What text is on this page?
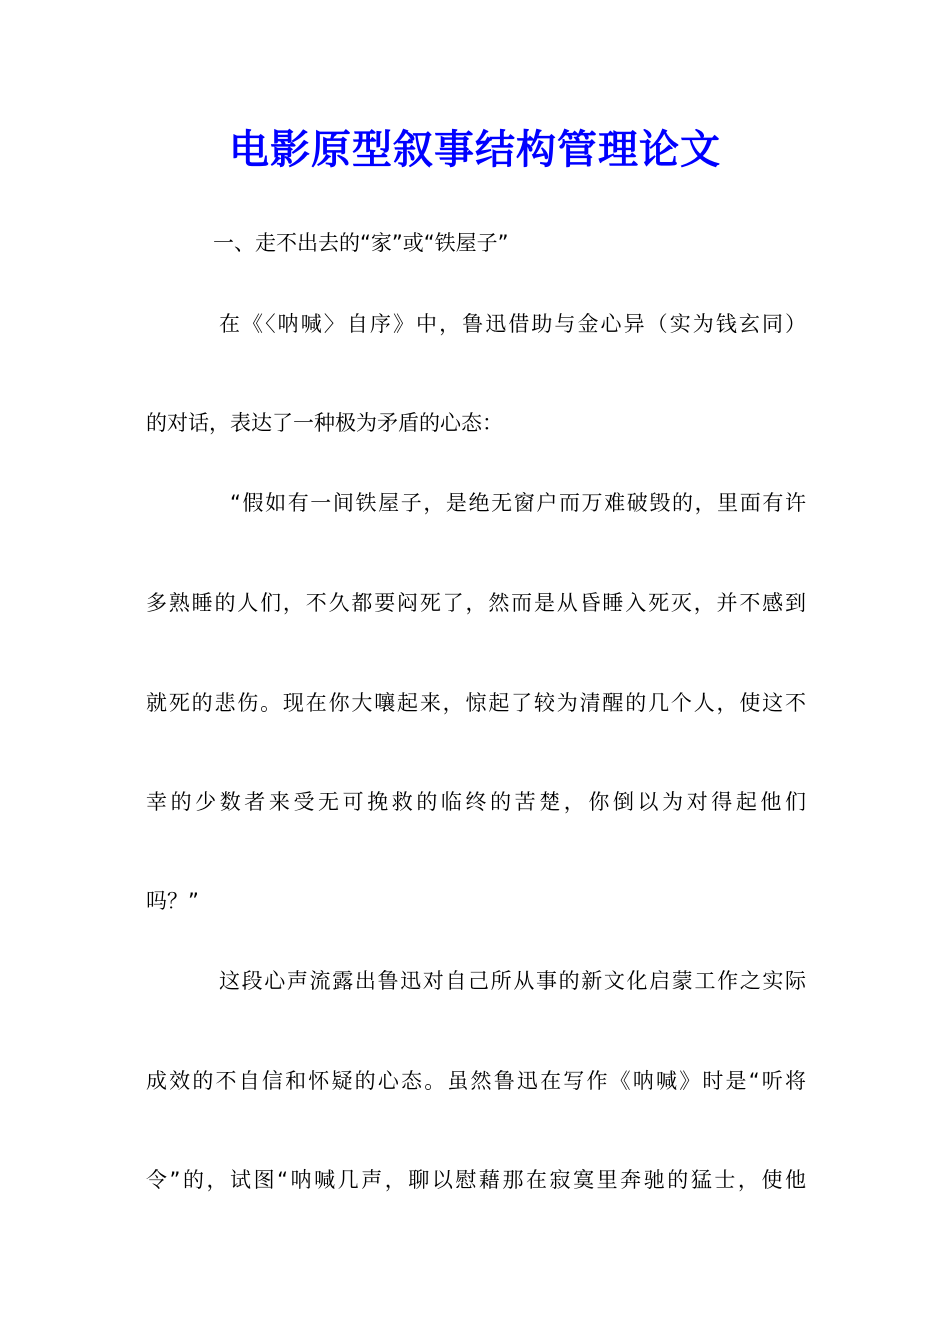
电影原型叙事结构管理论文

一、走不出去的“家”或“铁屋子”

在《〈呐喊〉自序》中，鲁迅借助与金心异（实为钱玄同）

的对话，表达了一种极为矛盾的心态：

“假如有一间铁屋子，是绝无窗户而万难破毁的，里面有许

多熟睡的人们，不久都要闷死了，然而是从昏睡入死灭，并不感到

就死的悲伤。现在你大嚷起来，惊起了较为清醒的几个人，使这不

幸的少数者来受无可挽救的临终的苦楚，你倒以为对得起他们

吗？”

这段心声流露出鲁迅对自己所从事的新文化启蒙工作之实际

成效的不自信和怀疑的心态。虽然鲁迅在写作《呐喊》时是“听将

令”的，试图“呐喊几声，聊以慰藉那在寂寞里奔驰的猛士，使他
